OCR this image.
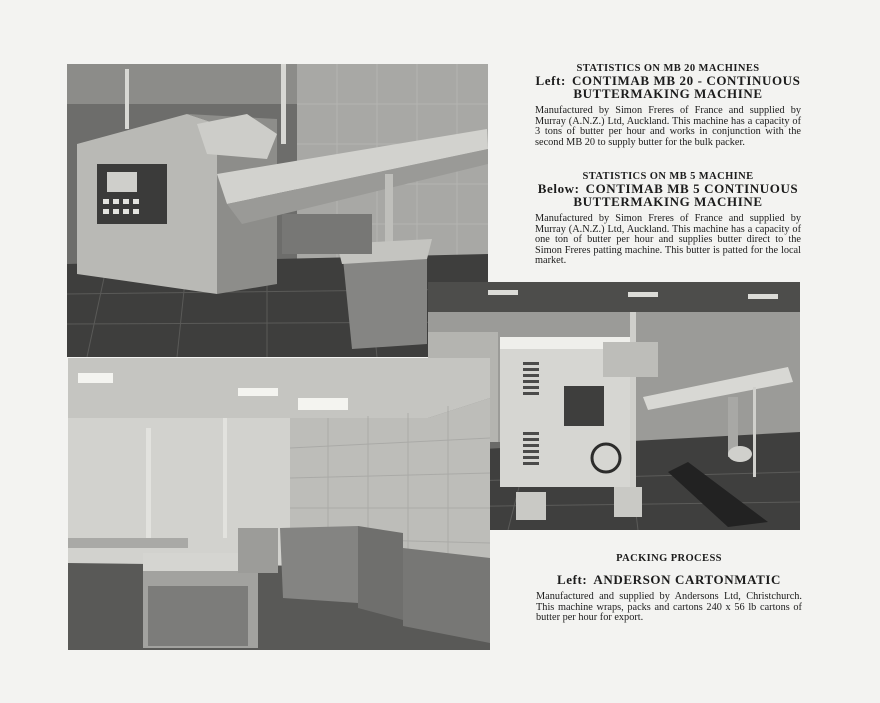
STATISTICS ON MB 20 MACHINES
Left: CONTIMAB MB 20 - CONTINUOUS
BUTTERMAKING MACHINE
Manufactured by Simon Freres of France and supplied by Murray (A.N.Z.) Ltd, Auckland. This machine has a capacity of 3 tons of butter per hour and works in conjunction with the second MB 20 to supply butter for the bulk packer.
STATISTICS ON MB 5 MACHINE
Below: CONTIMAB MB 5 CONTINUOUS
BUTTERMAKING MACHINE
Manufactured by Simon Freres of France and supplied by Murray (A.N.Z.) Ltd, Auckland. This machine has a capacity of one ton of butter per hour and supplies butter direct to the Simon Freres patting machine. This butter is patted for the local market.
PACKING PROCESS
Left: ANDERSON CARTONMATIC
Manufactured and supplied by Andersons Ltd, Christchurch. This machine wraps, packs and cartons 240 x 56 lb cartons of butter per hour for export.
